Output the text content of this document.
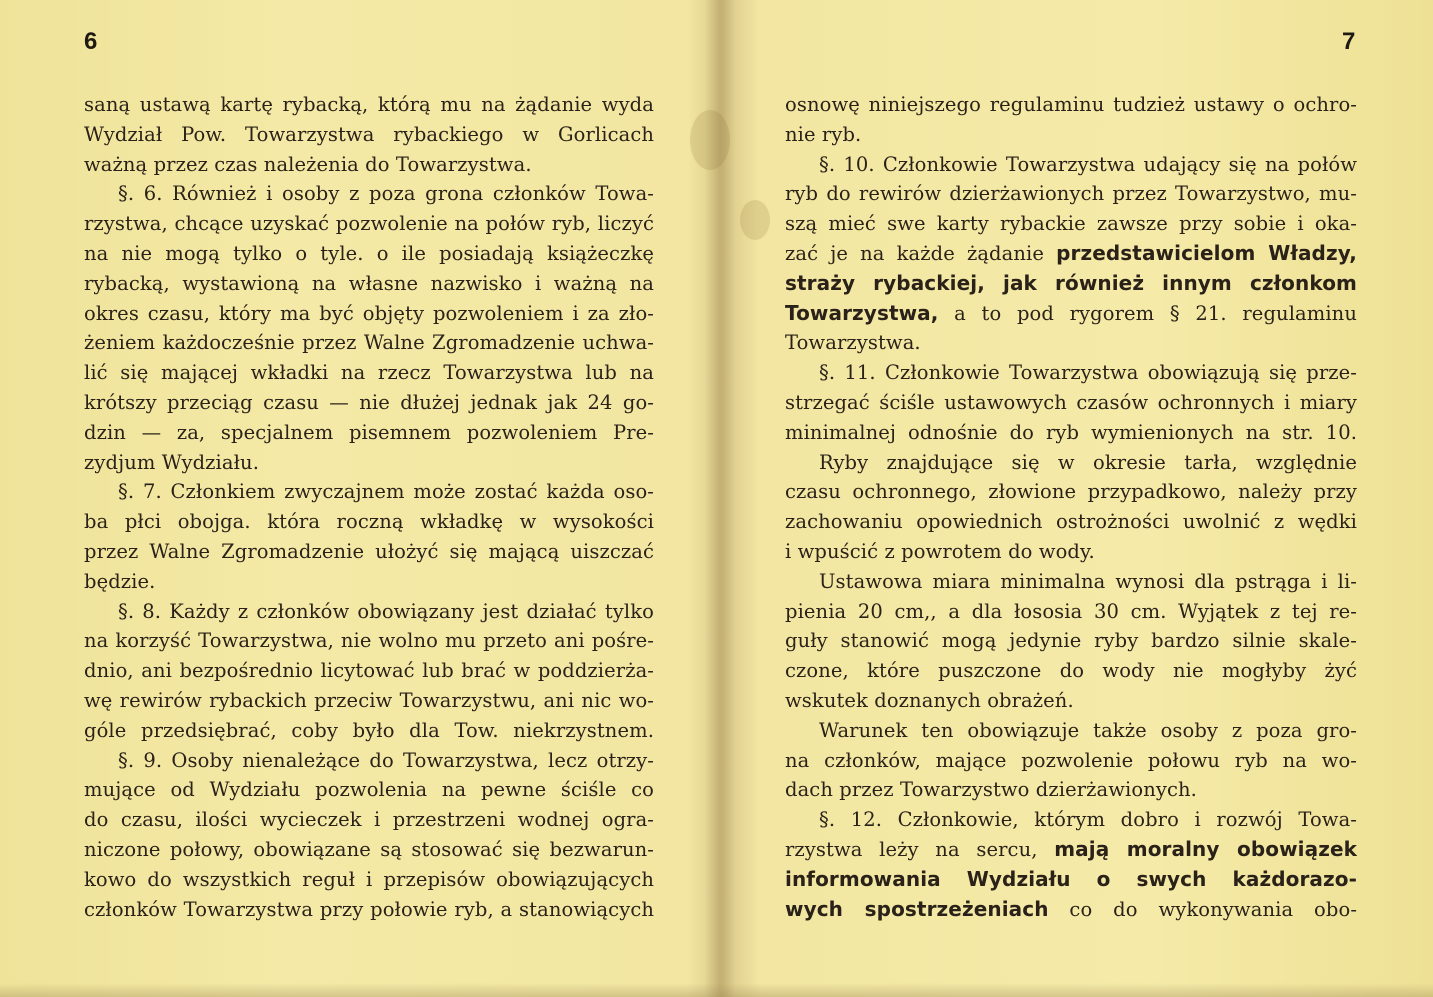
6
saną ustawą kartę rybacką, którą mu na żądanie wyda
Wydział Pow. Towarzystwa rybackiego w Gorlicach
ważną przez czas należenia do Towarzystwa.
§. 6. Również i osoby z poza grona członków Towa-
rzystwa, chcące uzyskać pozwolenie na połów ryb, liczyć
na nie mogą tylko o tyle. o ile posiadają książeczkę
rybacką, wystawioną na własne nazwisko i ważną na
okres czasu, który ma być objęty pozwoleniem i za zło-
żeniem każdocześnie przez Walne Zgromadzenie uchwa-
lić się mającej wkładki na rzecz Towarzystwa lub na
krótszy przeciąg czasu — nie dłużej jednak jak 24 go-
dzin — za, specjalnem pisemnem pozwoleniem Pre-
zydjum Wydziału.
§. 7. Członkiem zwyczajnem może zostać każda oso-
ba płci obojga. która roczną wkładkę w wysokości
przez Walne Zgromadzenie ułożyć się mającą uiszczać
będzie.
§. 8. Każdy z członków obowiązany jest działać tylko
na korzyść Towarzystwa, nie wolno mu przeto ani pośre-
dnio, ani bezpośrednio licytować lub brać w poddzierża-
wę rewirów rybackich przeciw Towarzystwu, ani nic wo-
góle przedsiębrać, coby było dla Tow. niekrzystnem.
§. 9. Osoby nienależące do Towarzystwa, lecz otrzy-
mujące od Wydziału pozwolenia na pewne ściśle co
do czasu, ilości wycieczek i przestrzeni wodnej ogra-
niczone połowy, obowiązane są stosować się bezwarun-
kowo do wszystkich reguł i przepisów obowiązujących
członków Towarzystwa przy połowie ryb, a stanowiących
7
osnowę niniejszego regulaminu tudzież ustawy o ochro-
nie ryb.
§. 10. Członkowie Towarzystwa udający się na połów
ryb do rewirów dzierżawionych przez Towarzystwo, mu-
szą mieć swe karty rybackie zawsze przy sobie i oka-
zać je na każde żądanie przedstawicielom Władzy,
straży rybackiej, jak również innym członkom
Towarzystwa, a to pod rygorem § 21. regulaminu
Towarzystwa.
§. 11. Członkowie Towarzystwa obowiązują się prze-
strzegać ściśle ustawowych czasów ochronnych i miary
minimalnej odnośnie do ryb wymienionych na str. 10.
Ryby znajdujące się w okresie tarła, względnie
czasu ochronnego, złowione przypadkowo, należy przy
zachowaniu opowiednich ostrożności uwolnić z wędki
i wpuścić z powrotem do wody.
Ustawowa miara minimalna wynosi dla pstrąga i li-
pienia 20 cm,, a dla łososia 30 cm. Wyjątek z tej re-
guły stanowić mogą jedynie ryby bardzo silnie skale-
czone, które puszczone do wody nie mogłyby żyć
wskutek doznanych obrażeń.
Warunek ten obowiązuje także osoby z poza gro-
na członków, mające pozwolenie połowu ryb na wo-
dach przez Towarzystwo dzierżawionych.
§. 12. Członkowie, którym dobro i rozwój Towa-
rzystwa leży na sercu, mają moralny obowiązek
informowania Wydziału o swych każdorazo-
wych spostrzeżeniach co do wykonywania obo-
